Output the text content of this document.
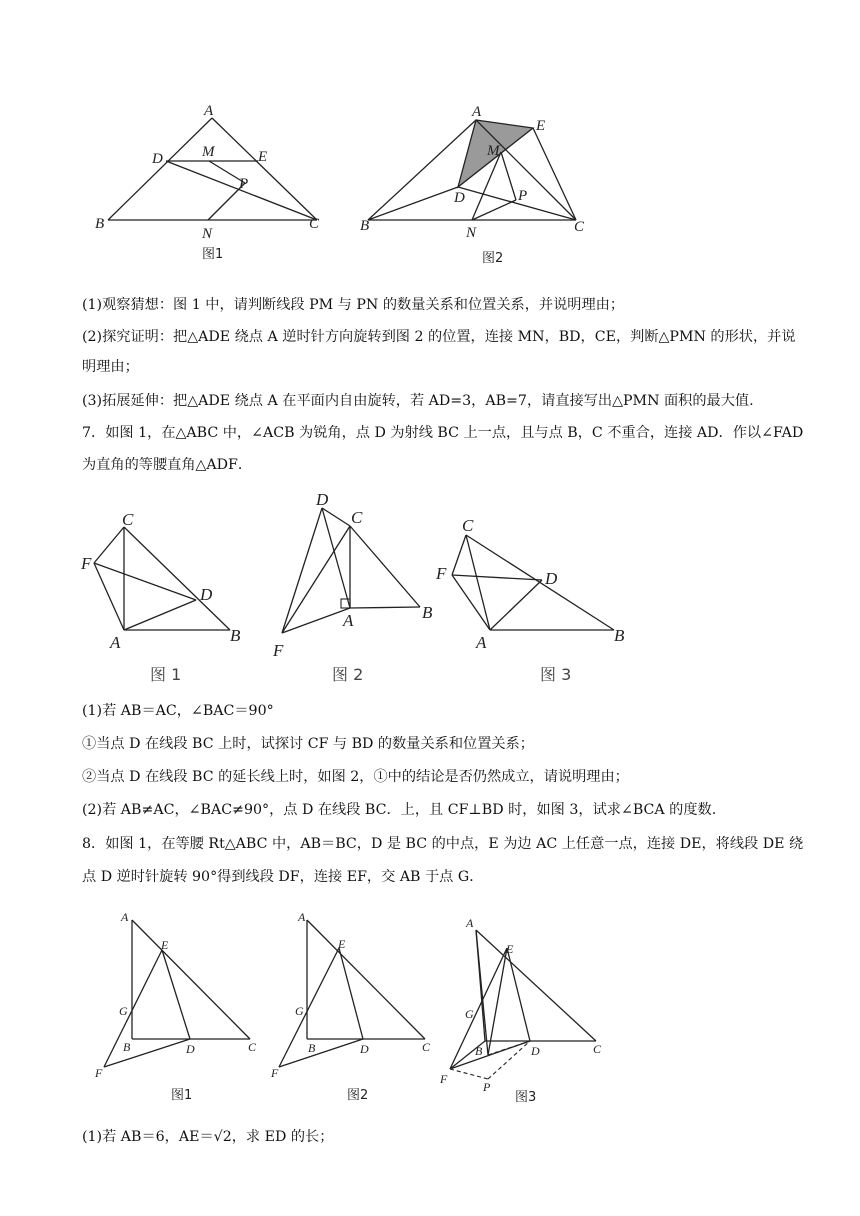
A
D	M	E
P
B
N
C
图1
A
E
M
D	P
B	N	C
图2
(1)观察猜想：图 1 中，请判断线段 PM 与 PN 的数量关系和位置关系，并说明理由；
(2)探究证明：把△ADE 绕点 A 逆时针方向旋转到图 2 的位置，连接 MN，BD，CE，判断△PMN 的形状，并说
明理由；
(3)拓展延伸：把△ADE 绕点 A 在平面内自由旋转，若 AD=3，AB=7，请直接写出△PMN 面积的最大值.
7．如图 1，在△ABC 中，∠ACB 为锐角，点 D 为射线 BC 上一点，且与点 B，C 不重合，连接 AD．作以∠FAD
为直角的等腰直角△ADF．
C
F
D
A	B
图 1
D
C
B
A
F
图 2
C
F	D
A	B
图 3
(1)若 AB＝AC，∠BAC＝90°
①当点 D 在线段 BC 上时，试探讨 CF 与 BD 的数量关系和位置关系；
②当点 D 在线段 BC 的延长线上时，如图 2，①中的结论是否仍然成立，请说明理由；
(2)若 AB≠AC，∠BAC≠90°，点 D 在线段 BC．上，且 CF⊥BD 时，如图 3，试求∠BCA 的度数.
8．如图 1，在等腰 Rt△ABC 中，AB＝BC，D 是 BC 的中点，E 为边 AC 上任意一点，连接 DE，将线段 DE 绕
点 D 逆时针旋转 90°得到线段 DF，连接 EF，交 AB 于点 G．
A
E
G
B	D	C
F
图1
A
E
G
B	D	C
F
图2
A
E
G
B	D	C
F
P
图3
(1)若 AB＝6，AE＝√2，求 ED 的长；
